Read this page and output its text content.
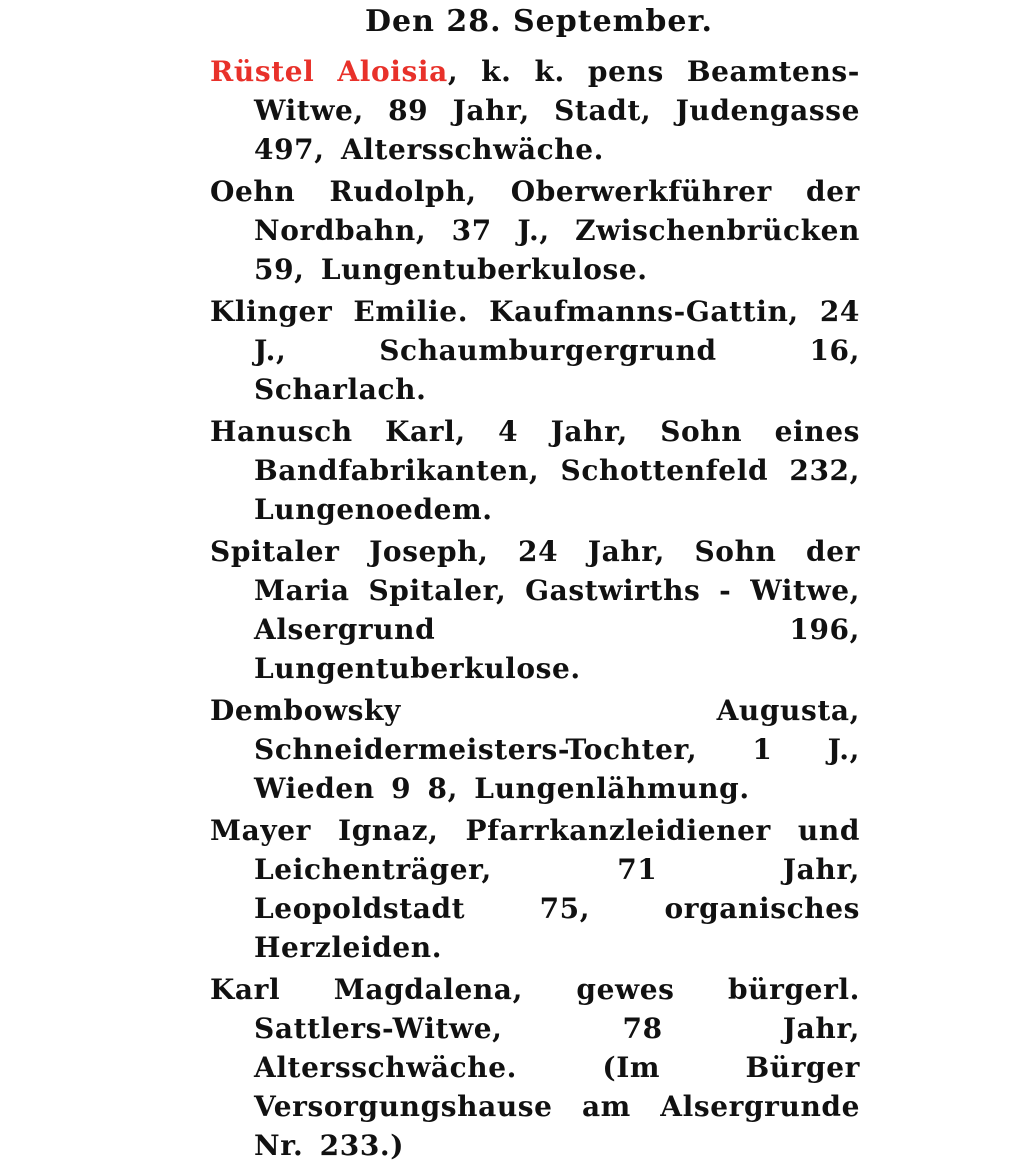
Den 28. September.

Rüstel Aloisia, k. k. pens Beamtens-Witwe, 89 Jahr, Stadt, Judengasse 497, Altersschwäche.

Oehn Rudolph, Oberwerkführer der Nordbahn, 37 J., Zwischenbrücken 59, Lungentuberkulose.

Klinger Emilie. Kaufmanns-Gattin, 24 J., Schaumburgergrund 16, Scharlach.

Hanusch Karl, 4 Jahr, Sohn eines Bandfabrikanten, Schottenfeld 232, Lungenoedem.

Spitaler Joseph, 24 Jahr, Sohn der Maria Spitaler, Gastwirths - Witwe, Alsergrund 196, Lungentuberkulose.

Dembowsky Augusta, Schneidermeisters-Tochter, 1 J., Wieden 9 8, Lungenlähmung.

Mayer Ignaz, Pfarrkanzleidiener und Leichenträger, 71 Jahr, Leopoldstadt 75, organisches Herzleiden.

Karl Magdalena, gewes bürgerl. Sattlers-Witwe, 78 Jahr, Altersschwäche. (Im Bürger Versorgungshause am Alsergrunde Nr. 233.)
